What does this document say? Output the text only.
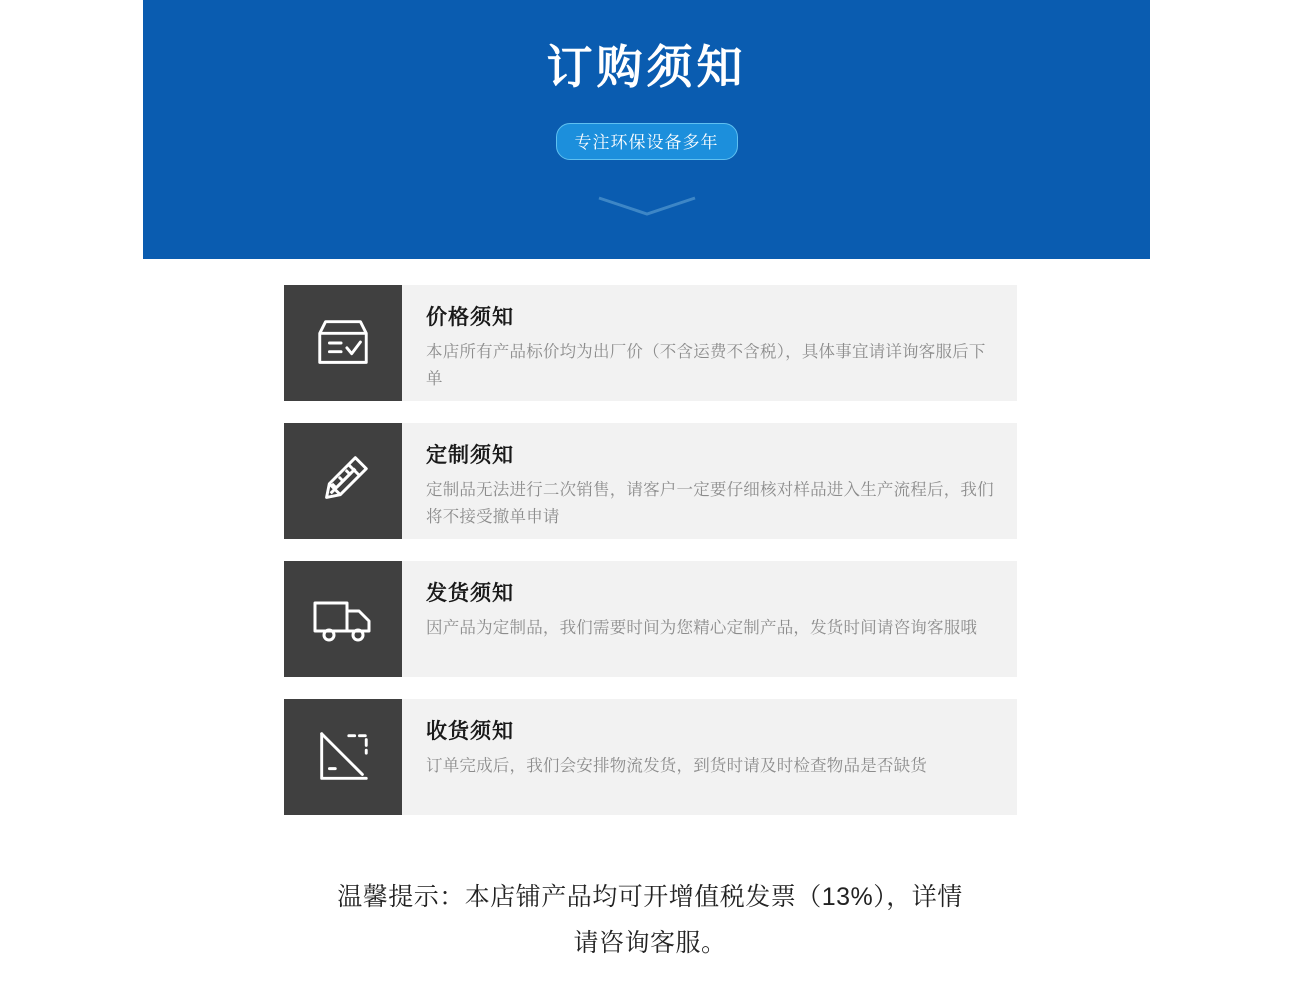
订购须知
专注环保设备多年
价格须知

本店所有产品标价均为出厂价（不含运费不含税），具体事宜请详询客服后下单

定制须知

定制品无法进行二次销售，请客户一定要仔细核对样品进入生产流程后，我们将不接受撤单申请

发货须知

因产品为定制品，我们需要时间为您精心定制产品，发货时间请咨询客服哦

收货须知

订单完成后，我们会安排物流发货，到货时请及时检查物品是否缺货

温馨提示：本店铺产品均可开增值税发票（13%），详情
请咨询客服。
